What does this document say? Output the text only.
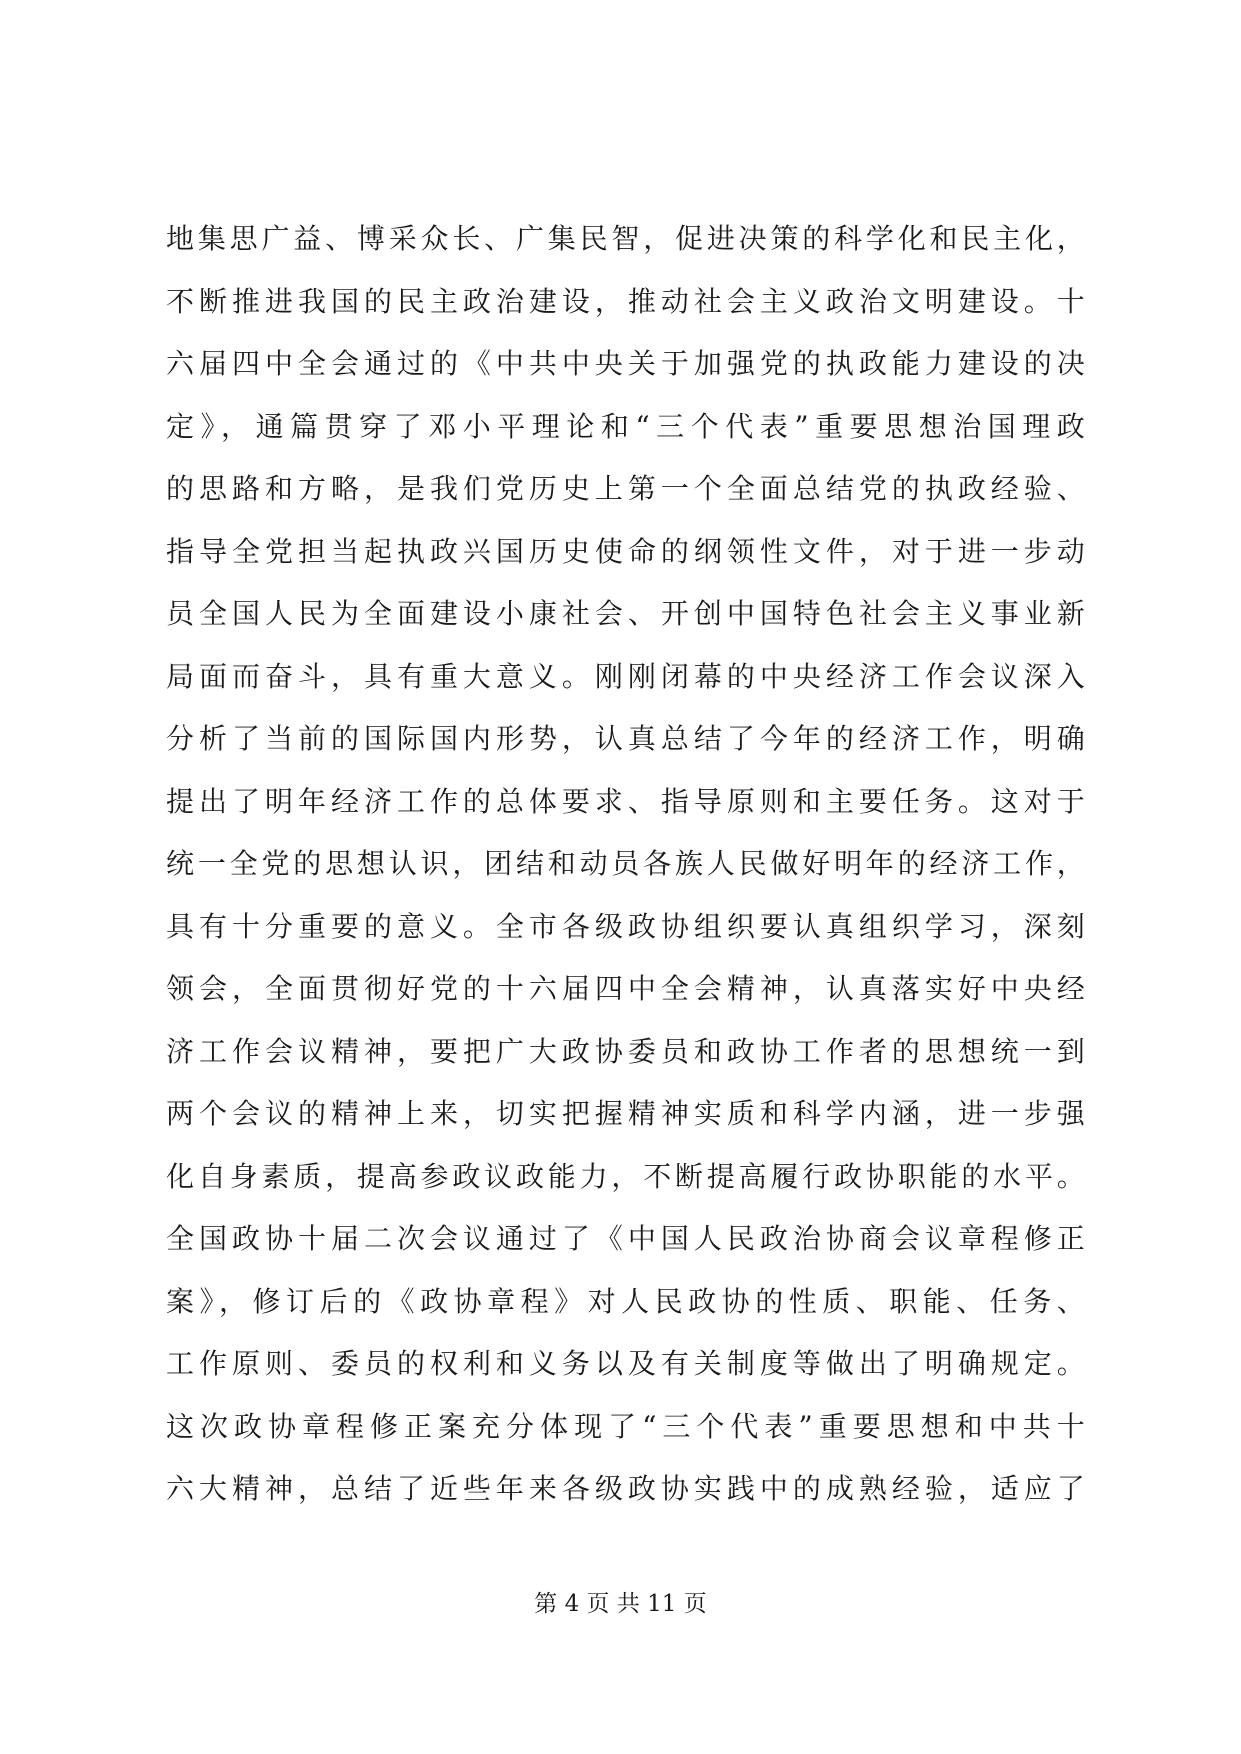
地集思广益、博采众长、广集民智，促进决策的科学化和民主化，
不断推进我国的民主政治建设，推动社会主义政治文明建设。十
六届四中全会通过的《中共中央关于加强党的执政能力建设的决
定》，通篇贯穿了邓小平理论和“三个代表”重要思想治国理政
的思路和方略，是我们党历史上第一个全面总结党的执政经验、
指导全党担当起执政兴国历史使命的纲领性文件，对于进一步动
员全国人民为全面建设小康社会、开创中国特色社会主义事业新
局面而奋斗，具有重大意义。刚刚闭幕的中央经济工作会议深入
分析了当前的国际国内形势，认真总结了今年的经济工作，明确
提出了明年经济工作的总体要求、指导原则和主要任务。这对于
统一全党的思想认识，团结和动员各族人民做好明年的经济工作，
具有十分重要的意义。全市各级政协组织要认真组织学习，深刻
领会，全面贯彻好党的十六届四中全会精神，认真落实好中央经
济工作会议精神，要把广大政协委员和政协工作者的思想统一到
两个会议的精神上来，切实把握精神实质和科学内涵，进一步强
化自身素质，提高参政议政能力，不断提高履行政协职能的水平。
全国政协十届二次会议通过了《中国人民政治协商会议章程修正
案》，修订后的《政协章程》对人民政协的性质、职能、任务、
工作原则、委员的权利和义务以及有关制度等做出了明确规定。
这次政协章程修正案充分体现了“三个代表”重要思想和中共十
六大精神，总结了近些年来各级政协实践中的成熟经验，适应了
第 4 页 共 11 页
